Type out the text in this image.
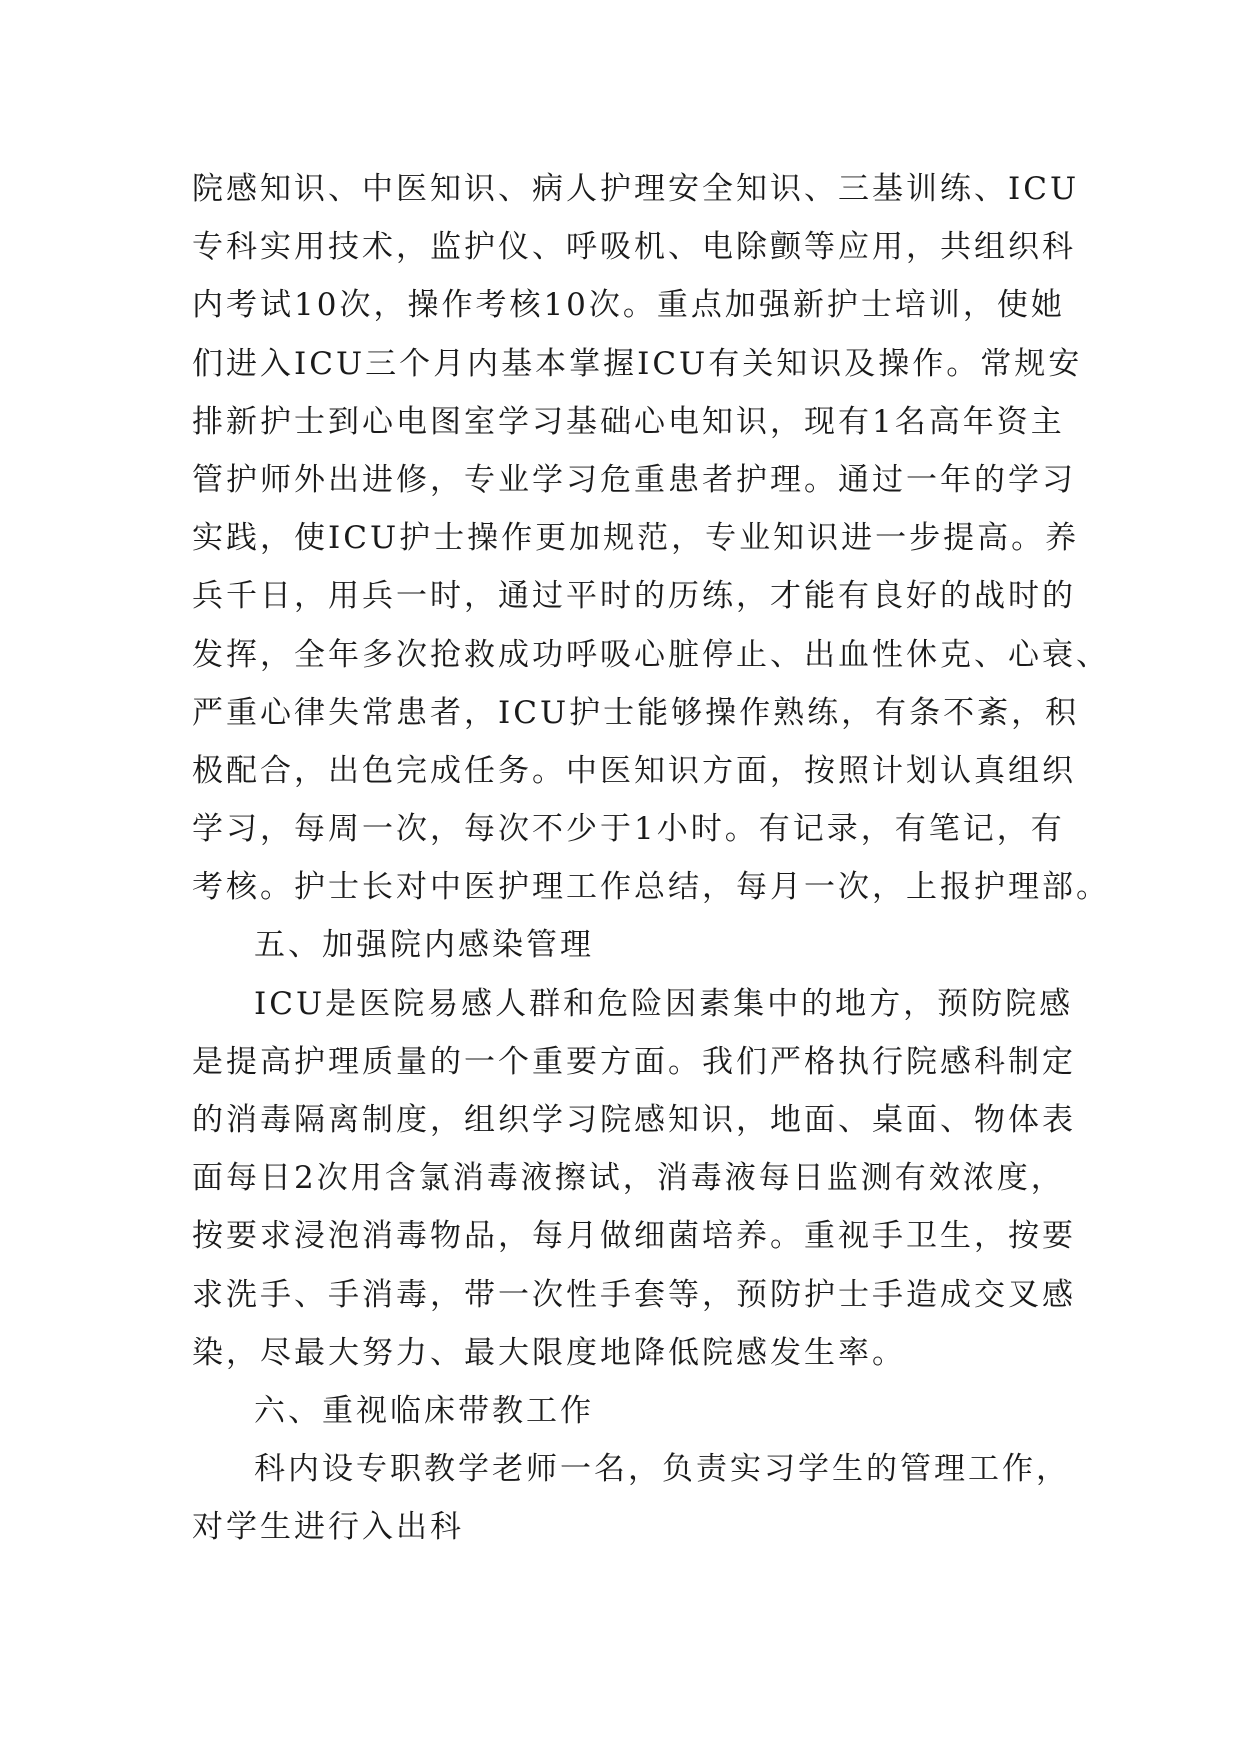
院 感 知 识 、 中 医 知 识 、 病 人 护 理 安 全 知 识 、 三 基 训 练 、 ICU
专 科 实 用 技 术 ， 监 护 仪 、 呼 吸 机 、 电 除 颤 等 应 用 ， 共 组 织 科
内 考 试 10 次 ， 操 作 考 核 10 次 。 重 点 加 强 新 护 士 培 训 ， 使 她
们 进 入 ICU 三 个 月 内 基 本 掌 握 ICU 有 关 知 识 及 操 作 。 常 规 安
排 新 护 士 到 心 电 图 室 学 习 基 础 心 电 知 识 ， 现 有 1 名 高 年 资 主
管 护 师 外 出 进 修 ， 专 业 学 习 危 重 患 者 护 理 。 通 过 一 年 的 学 习
实 践 ， 使 ICU 护 士 操 作 更 加 规 范 ， 专 业 知 识 进 一 步 提 高 。 养
兵 千 日 ， 用 兵 一 时 ， 通 过 平 时 的 历 练 ， 才 能 有 良 好 的 战 时 的
发 挥 ， 全 年 多 次 抢 救 成 功 呼 吸 心 脏 停 止 、 出 血 性 休 克 、 心 衰 、
严 重 心 律 失 常 患 者 ， ICU 护 士 能 够 操 作 熟 练 ， 有 条 不 紊 ， 积
极 配 合 ， 出 色 完 成 任 务 。 中 医 知 识 方 面 ， 按 照 计 划 认 真 组 织
学 习 ， 每 周 一 次 ， 每 次 不 少 于 1 小 时 。 有 记 录 ， 有 笔 记 ， 有
考 核 。 护 士 长 对 中 医 护 理 工 作 总 结 ， 每 月 一 次 ， 上 报 护 理 部 。
五、加强院内感染管理
ICU 是 医 院 易 感 人 群 和 危 险 因 素 集 中 的 地 方 ， 预 防 院 感
是 提 高 护 理 质 量 的 一 个 重 要 方 面 。 我 们 严 格 执 行 院 感 科 制 定
的 消 毒 隔 离 制 度 ， 组 织 学 习 院 感 知 识 ， 地 面 、 桌 面 、 物 体 表
面 每 日 2 次 用 含 氯 消 毒 液 擦 试 ， 消 毒 液 每 日 监 测 有 效 浓 度 ，
按 要 求 浸 泡 消 毒 物 品 ， 每 月 做 细 菌 培 养 。 重 视 手 卫 生 ， 按 要
求 洗 手 、 手 消 毒 ， 带 一 次 性 手 套 等 ， 预 防 护 士 手 造 成 交 叉 感
染，尽最大努力、最大限度地降低院感发生率。
六、重视临床带教工作
科 内 设 专 职 教 学 老 师 一 名 ， 负 责 实 习 学 生 的 管 理 工 作 ，
对学生进行入出科
